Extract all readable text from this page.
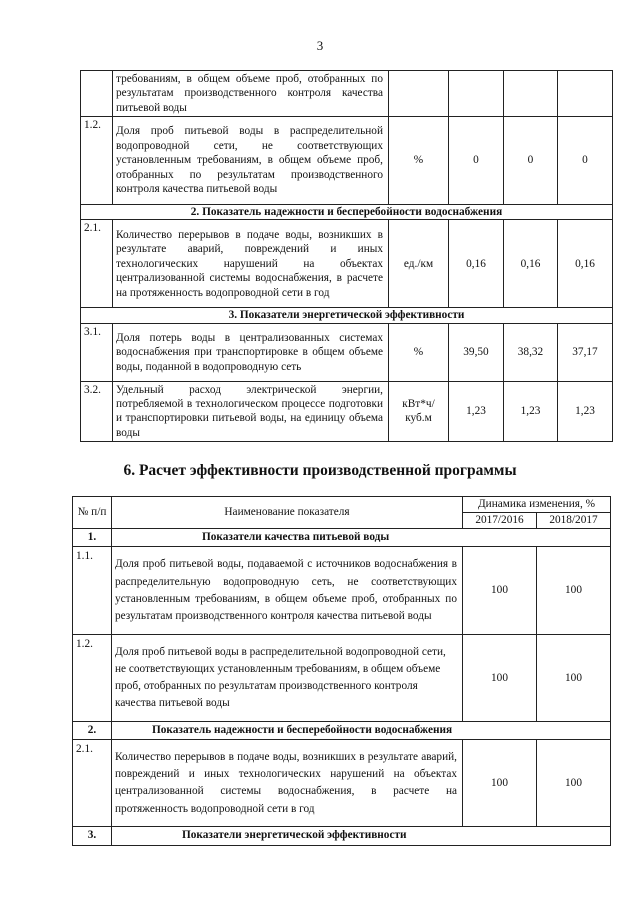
3
	требованиям, в общем объеме проб, отобранных по результатам производственного контроля качества питьевой воды				
1.2.	Доля проб питьевой воды в распределительной водопроводной сети, не соответствующих установленным требованиям, в общем объеме проб, отобранных по результатам производственного контроля качества питьевой воды	%	0	0	0
2. Показатель надежности и бесперебойности водоснабжения					
2.1.	Количество перерывов в подаче воды, возникших в результате аварий, повреждений и иных технологических нарушений на объектах централизованной системы водоснабжения, в расчете на протяженность водопроводной сети в год	ед./км	0,16	0,16	0,16
3. Показатели энергетической эффективности					
3.1.	Доля потерь воды в централизованных системах водоснабжения при транспортировке в общем объеме воды, поданной в водопроводную сеть	%	39,50	38,32	37,17
3.2.	Удельный расход электрической энергии, потребляемой в технологическом процессе подготовки и транспортировки питьевой воды, на единицу объема воды	кВт*ч/ куб.м	1,23	1,23	1,23
6. Расчет эффективности производственной программы
№ п/п	Наименование показателя	Динамика изменения, %	
		2017/2016	2018/2017
1.	Показатели качества питьевой воды		
1.1.	Доля проб питьевой воды, подаваемой с источников водоснабжения в распределительную водопроводную сеть, не соответствующих установленным требованиям, в общем объеме проб, отобранных по результатам производственного контроля качества питьевой воды	100	100
1.2.	Доля проб питьевой воды в распределительной водопроводной сети, не соответствующих установленным требованиям, в общем объеме проб, отобранных по результатам производственного контроля качества питьевой воды	100	100
2.	Показатель надежности и бесперебойности водоснабжения		
2.1.	Количество перерывов в подаче воды, возникших в результате аварий, повреждений и иных технологических нарушений на объектах централизованной системы водоснабжения, в расчете на протяженность водопроводной сети в год	100	100
3.	Показатели энергетической эффективности		
